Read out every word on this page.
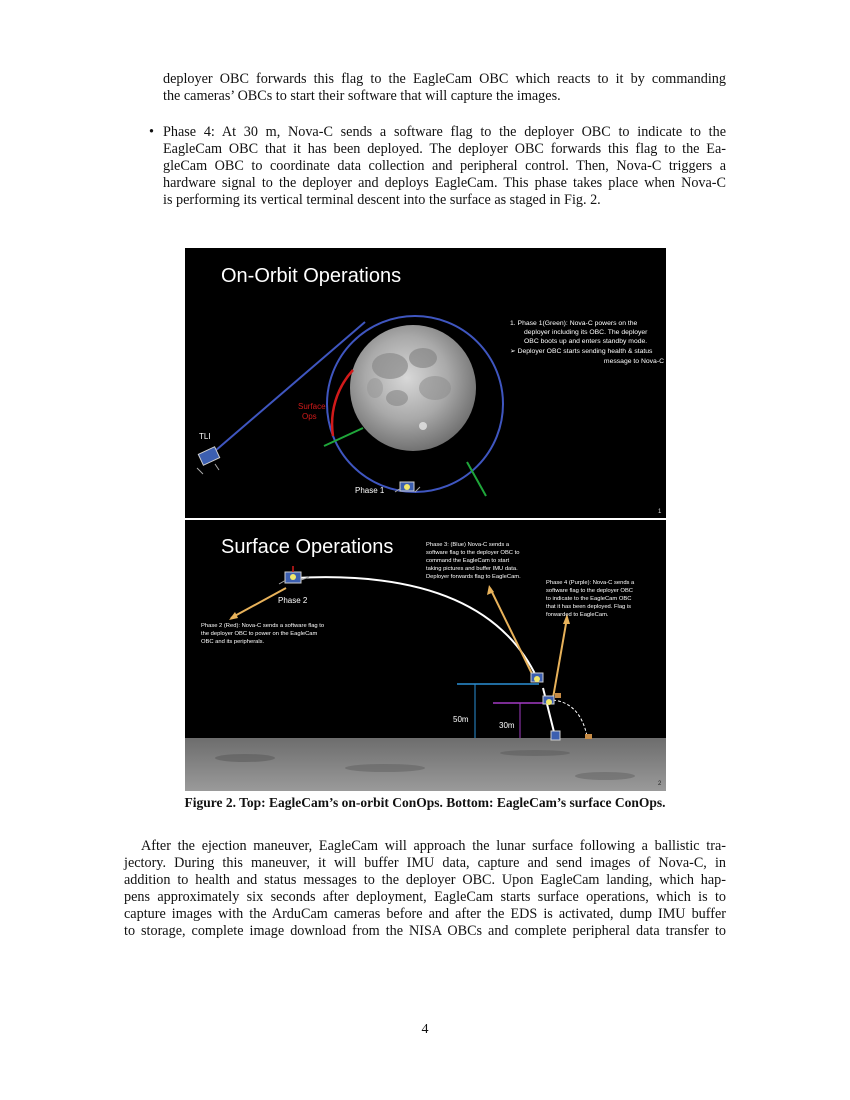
deployer OBC forwards this flag to the EagleCam OBC which reacts to it by commanding
the cameras’ OBCs to start their software that will capture the images.
• Phase 4: At 30 m, Nova-C sends a software flag to the deployer OBC to indicate to the
EagleCam OBC that it has been deployed. The deployer OBC forwards this flag to the Ea-
gleCam OBC to coordinate data collection and peripheral control. Then, Nova-C triggers a
hardware signal to the deployer and deploys EagleCam. This phase takes place when Nova-C
is performing its vertical terminal descent into the surface as staged in Fig. 2.
On-Orbit Operations
Surface
Ops
TLI
Phase 1
1. Phase 1(Green): Nova-C powers on the
deployer including its OBC. The deployer
OBC boots up and enters standby mode.
➢ Deployer OBC starts sending health & status
message to Nova-C
1
Surface Operations
50m
30m
Phase 2
Phase 3: (Blue) Nova-C sends a
software flag to the deployer OBC to
command the EagleCam to start
taking pictures and buffer IMU data.
Deployer forwards flag to EagleCam.
Phase 4 (Purple): Nova-C sends a
software flag to the deployer OBC
to indicate to the EagleCam OBC
that it has been deployed. Flag is
forwarded to EagleCam.
Phase 2 (Red): Nova-C sends a software flag to
the deployer OBC to power on the EagleCam
OBC and its peripherals.
2
Figure 2. Top: EagleCam’s on-orbit ConOps. Bottom: EagleCam’s surface ConOps.
After the ejection maneuver, EagleCam will approach the lunar surface following a ballistic tra-
jectory. During this maneuver, it will buffer IMU data, capture and send images of Nova-C, in
addition to health and status messages to the deployer OBC. Upon EagleCam landing, which hap-
pens approximately six seconds after deployment, EagleCam starts surface operations, which is to
capture images with the ArduCam cameras before and after the EDS is activated, dump IMU buffer
to storage, complete image download from the NISA OBCs and complete peripheral data transfer to
4
